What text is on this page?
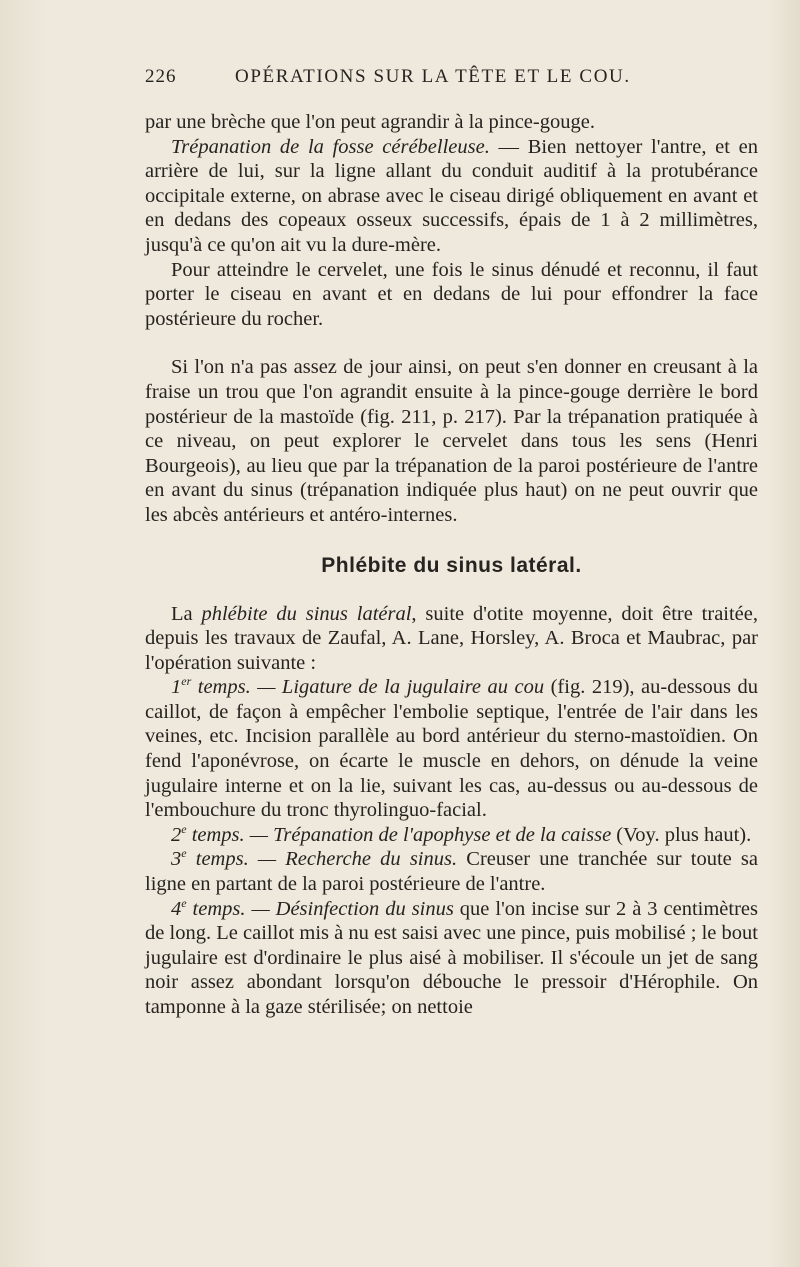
226	OPÉRATIONS SUR LA TÊTE ET LE COU.

par une brèche que l'on peut agrandir à la pince-gouge.

Trépanation de la fosse cérébelleuse. — Bien nettoyer l'antre, et en arrière de lui, sur la ligne allant du conduit auditif à la protubérance occipitale externe, on abrase avec le ciseau dirigé obliquement en avant et en dedans des copeaux osseux successifs, épais de 1 à 2 millimètres, jusqu'à ce qu'on ait vu la dure-mère.

Pour atteindre le cervelet, une fois le sinus dénudé et reconnu, il faut porter le ciseau en avant et en dedans de lui pour effondrer la face postérieure du rocher.

Si l'on n'a pas assez de jour ainsi, on peut s'en donner en creusant à la fraise un trou que l'on agrandit ensuite à la pince-gouge derrière le bord postérieur de la mastoïde (fig. 211, p. 217). Par la trépanation pratiquée à ce niveau, on peut explorer le cervelet dans tous les sens (Henri Bourgeois), au lieu que par la trépanation de la paroi postérieure de l'antre en avant du sinus (trépanation indiquée plus haut) on ne peut ouvrir que les abcès antérieurs et antéro-internes.

Phlébite du sinus latéral.

La phlébite du sinus latéral, suite d'otite moyenne, doit être traitée, depuis les travaux de Zaufal, A. Lane, Horsley, A. Broca et Maubrac, par l'opération suivante :

1er temps. — Ligature de la jugulaire au cou (fig. 219), au-dessous du caillot, de façon à empêcher l'embolie septique, l'entrée de l'air dans les veines, etc. Incision parallèle au bord antérieur du sterno-mastoïdien. On fend l'aponévrose, on écarte le muscle en dehors, on dénude la veine jugulaire interne et on la lie, suivant les cas, au-dessus ou au-dessous de l'embouchure du tronc thyrolinguo-facial.

2e temps. — Trépanation de l'apophyse et de la caisse (Voy. plus haut).

3e temps. — Recherche du sinus. Creuser une tranchée sur toute sa ligne en partant de la paroi postérieure de l'antre.

4e temps. — Désinfection du sinus que l'on incise sur 2 à 3 centimètres de long. Le caillot mis à nu est saisi avec une pince, puis mobilisé ; le bout jugulaire est d'ordinaire le plus aisé à mobiliser. Il s'écoule un jet de sang noir assez abondant lorsqu'on débouche le pressoir d'Hérophile. On tamponne à la gaze stérilisée; on nettoie
